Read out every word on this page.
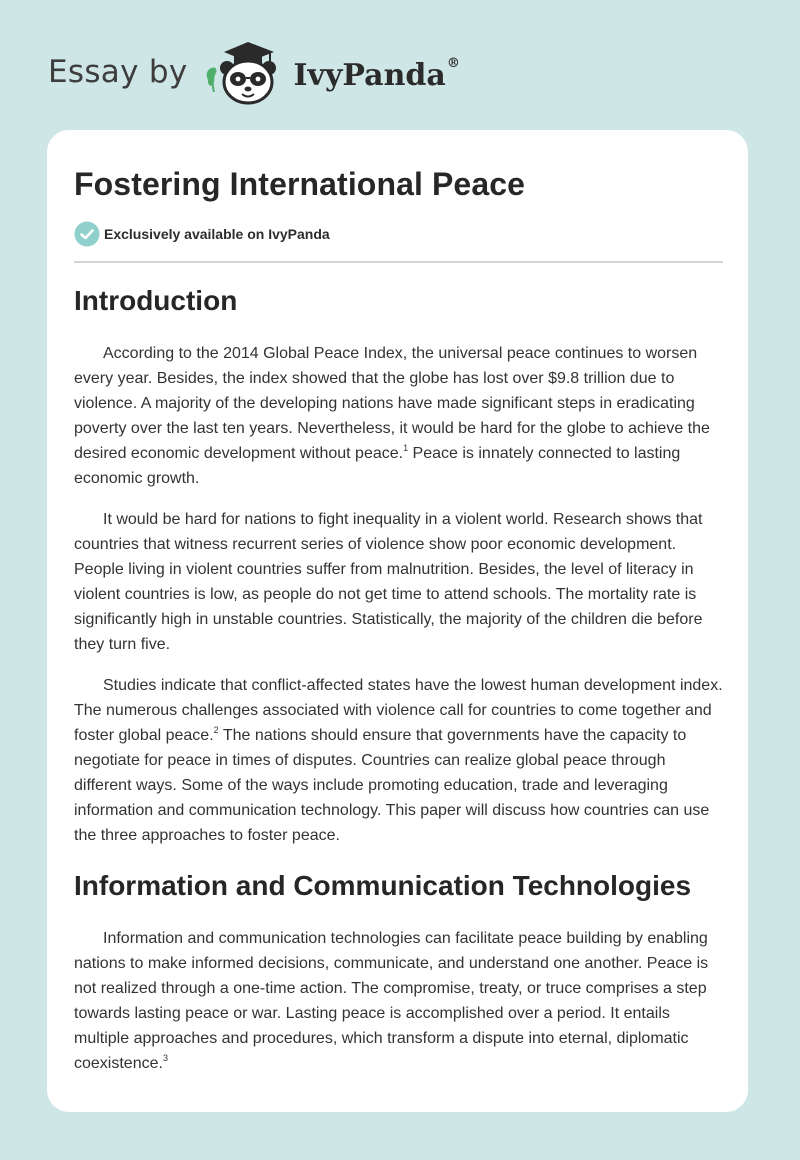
Essay by	IvyPanda®
Fostering International Peace
Exclusively available on IvyPanda
Introduction

According to the 2014 Global Peace Index, the universal peace continues to worsen every year. Besides, the index showed that the globe has lost over $9.8 trillion due to violence. A majority of the developing nations have made significant steps in eradicating poverty over the last ten years. Nevertheless, it would be hard for the globe to achieve the desired economic development without peace.$^1$ Peace is innately connected to lasting economic growth.

It would be hard for nations to fight inequality in a violent world. Research shows that countries that witness recurrent series of violence show poor economic development. People living in violent countries suffer from malnutrition. Besides, the level of literacy in violent countries is low, as people do not get time to attend schools. The mortality rate is significantly high in unstable countries. Statistically, the majority of the children die before they turn five.

Studies indicate that conflict-affected states have the lowest human development index. The numerous challenges associated with violence call for countries to come together and foster global peace.$^2$ The nations should ensure that governments have the capacity to negotiate for peace in times of disputes. Countries can realize global peace through different ways. Some of the ways include promoting education, trade and leveraging information and communication technology. This paper will discuss how countries can use the three approaches to foster peace.

Information and Communication Technologies

Information and communication technologies can facilitate peace building by enabling nations to make informed decisions, communicate, and understand one another. Peace is not realized through a one-time action. The compromise, treaty, or truce comprises a step towards lasting peace or war. Lasting peace is accomplished over a period. It entails multiple approaches and procedures, which transform a dispute into eternal, diplomatic coexistence.$^3$
